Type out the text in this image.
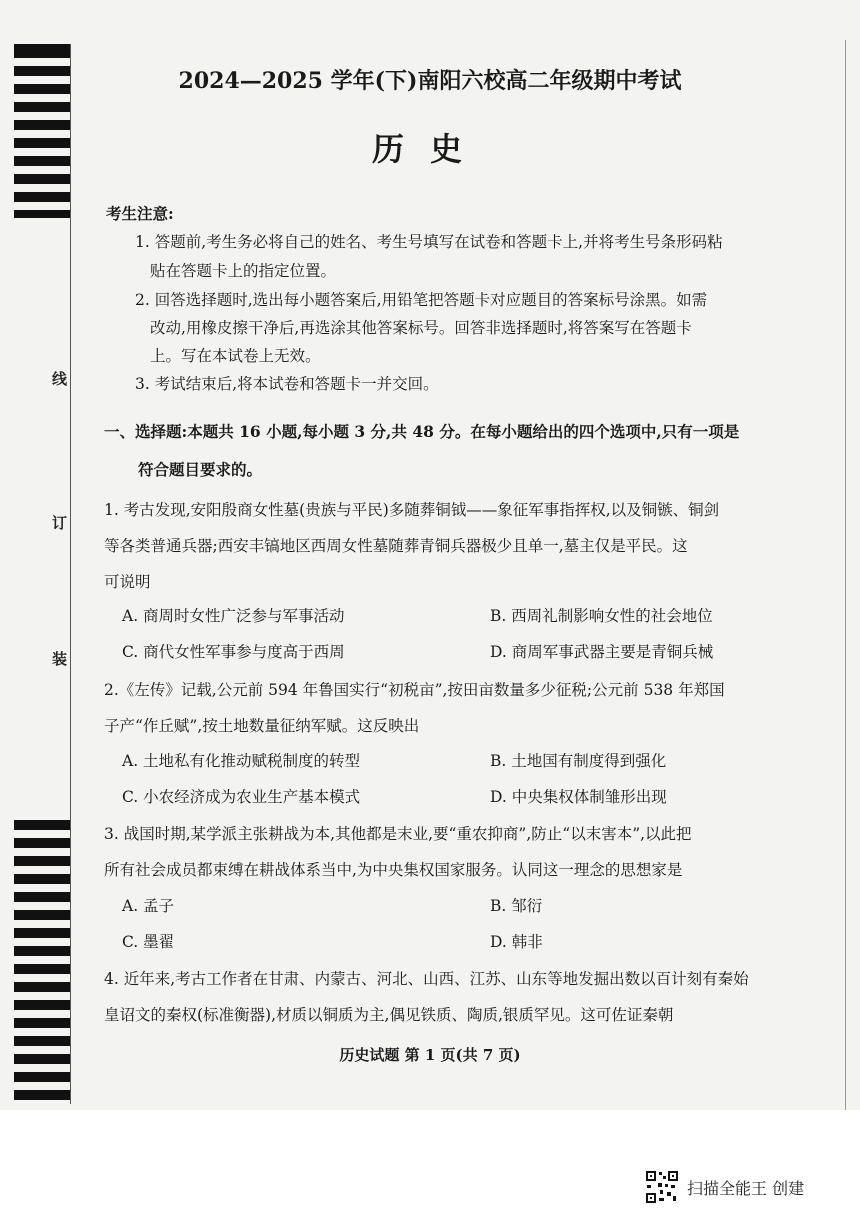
线
订
装
2024—2025 学年(下)南阳六校高二年级期中考试
历史
考生注意:
1. 答题前,考生务必将自己的姓名、考生号填写在试卷和答题卡上,并将考生号条形码粘
贴在答题卡上的指定位置。
2. 回答选择题时,选出每小题答案后,用铅笔把答题卡对应题目的答案标号涂黑。如需
改动,用橡皮擦干净后,再选涂其他答案标号。回答非选择题时,将答案写在答题卡
上。写在本试卷上无效。
3. 考试结束后,将本试卷和答题卡一并交回。
一、选择题:本题共 16 小题,每小题 3 分,共 48 分。在每小题给出的四个选项中,只有一项是
符合题目要求的。
1. 考古发现,安阳殷商女性墓(贵族与平民)多随葬铜钺——象征军事指挥权,以及铜镞、铜剑
等各类普通兵器;西安丰镐地区西周女性墓随葬青铜兵器极少且单一,墓主仅是平民。这
可说明
A. 商周时女性广泛参与军事活动	B. 西周礼制影响女性的社会地位
C. 商代女性军事参与度高于西周	D. 商周军事武器主要是青铜兵械
2.《左传》记载,公元前 594 年鲁国实行“初税亩”,按田亩数量多少征税;公元前 538 年郑国
子产“作丘赋”,按土地数量征纳军赋。这反映出
A. 土地私有化推动赋税制度的转型	B. 土地国有制度得到强化
C. 小农经济成为农业生产基本模式	D. 中央集权体制雏形出现
3. 战国时期,某学派主张耕战为本,其他都是末业,要“重农抑商”,防止“以末害本”,以此把
所有社会成员都束缚在耕战体系当中,为中央集权国家服务。认同这一理念的思想家是
A. 孟子	B. 邹衍
C. 墨翟	D. 韩非
4. 近年来,考古工作者在甘肃、内蒙古、河北、山西、江苏、山东等地发掘出数以百计刻有秦始
皇诏文的秦权(标准衡器),材质以铜质为主,偶见铁质、陶质,银质罕见。这可佐证秦朝
历史试题 第 1 页(共 7 页)
扫描全能王 创建
